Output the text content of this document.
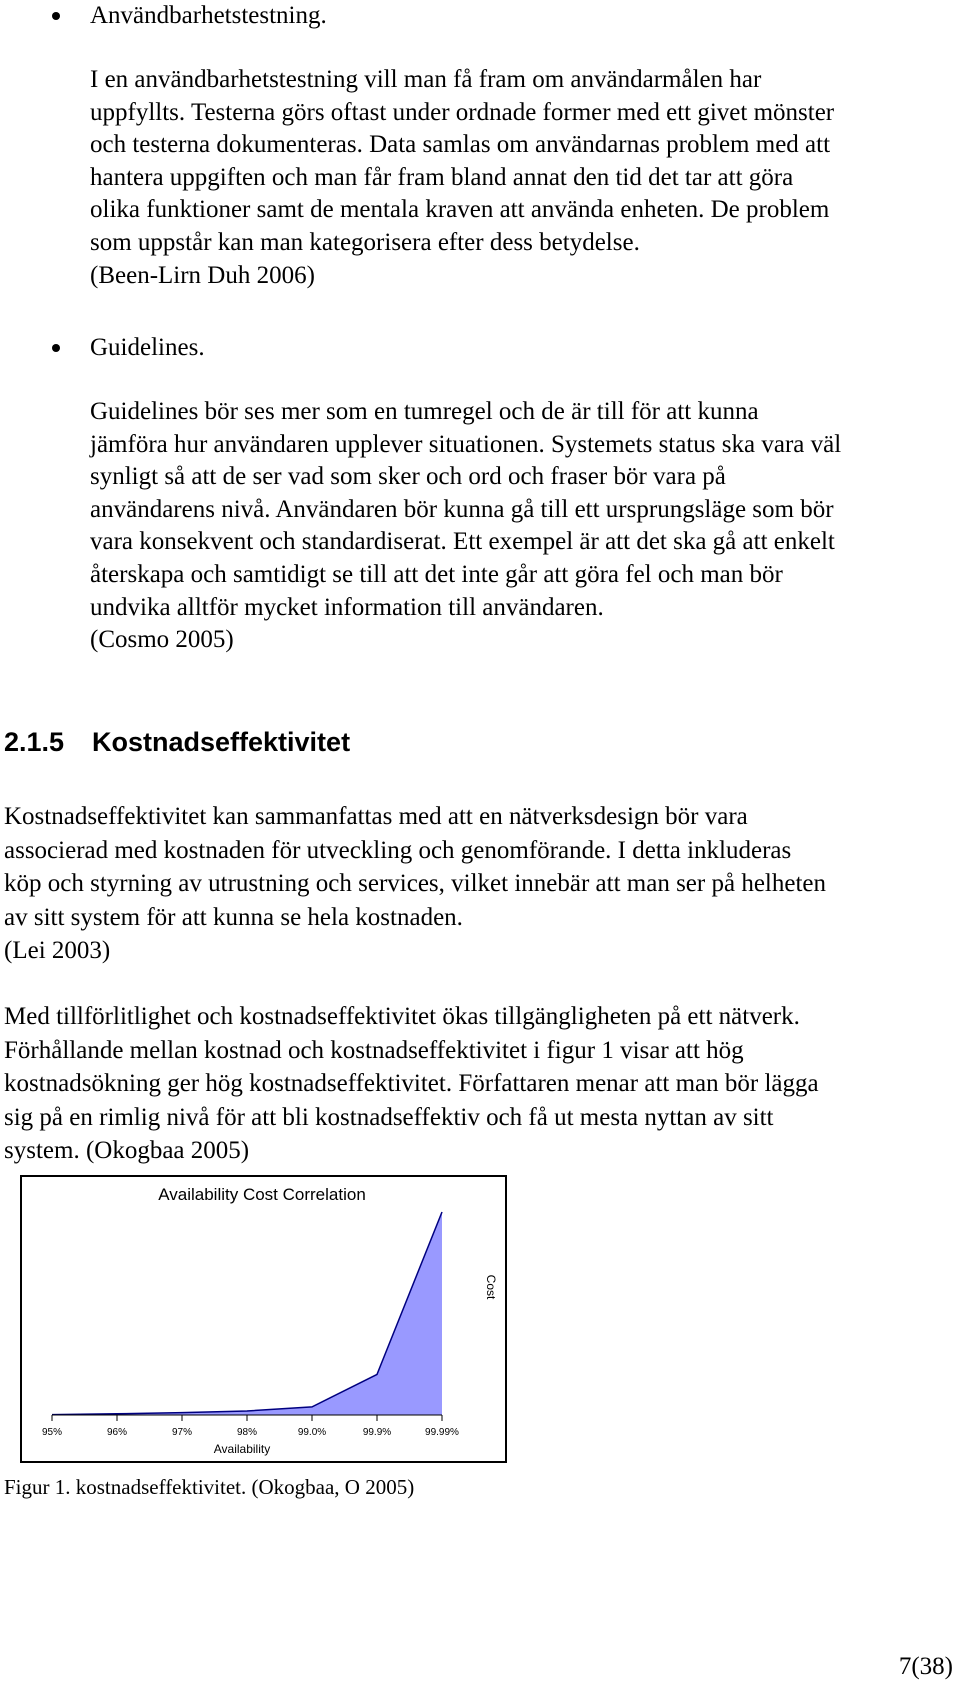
Användbarhetstestning.
I en användbarhetstestning vill man få fram om användarmålen har
uppfyllts. Testerna görs oftast under ordnade former med ett givet mönster
och testerna dokumenteras. Data samlas om användarnas problem med att
hantera uppgiften och man får fram bland annat den tid det tar att göra
olika funktioner samt de mentala kraven att använda enheten. De problem
som uppstår kan man kategorisera efter dess betydelse.
(Been-Lirn Duh 2006)
Guidelines.
Guidelines bör ses mer som en tumregel och de är till för att kunna
jämföra hur användaren upplever situationen. Systemets status ska vara väl
synligt så att de ser vad som sker och ord och fraser bör vara på
användarens nivå. Användaren bör kunna gå till ett ursprungsläge som bör
vara konsekvent och standardiserat. Ett exempel är att det ska gå att enkelt
återskapa och samtidigt se till att det inte går att göra fel och man bör
undvika alltför mycket information till användaren.
(Cosmo 2005)
2.1.5 Kostnadseffektivitet
Kostnadseffektivitet kan sammanfattas med att en nätverksdesign bör vara
associerad med kostnaden för utveckling och genomförande. I detta inkluderas
köp och styrning av utrustning och services, vilket innebär att man ser på helheten
av sitt system för att kunna se hela kostnaden.
(Lei 2003)
Med tillförlitlighet och kostnadseffektivitet ökas tillgängligheten på ett nätverk.
Förhållande mellan kostnad och kostnadseffektivitet i figur 1 visar att hög
kostnadsökning ger hög kostnadseffektivitet. Författaren menar att man bör lägga
sig på en rimlig nivå för att bli kostnadseffektiv och få ut mesta nyttan av sitt
system. (Okogbaa 2005)
Availability Cost Correlation
95%	96%	97%	98%	99.0%	99.9%	99.99%
Cost
Availability
Figur 1. kostnadseffektivitet. (Okogbaa, O 2005)
7(38)
